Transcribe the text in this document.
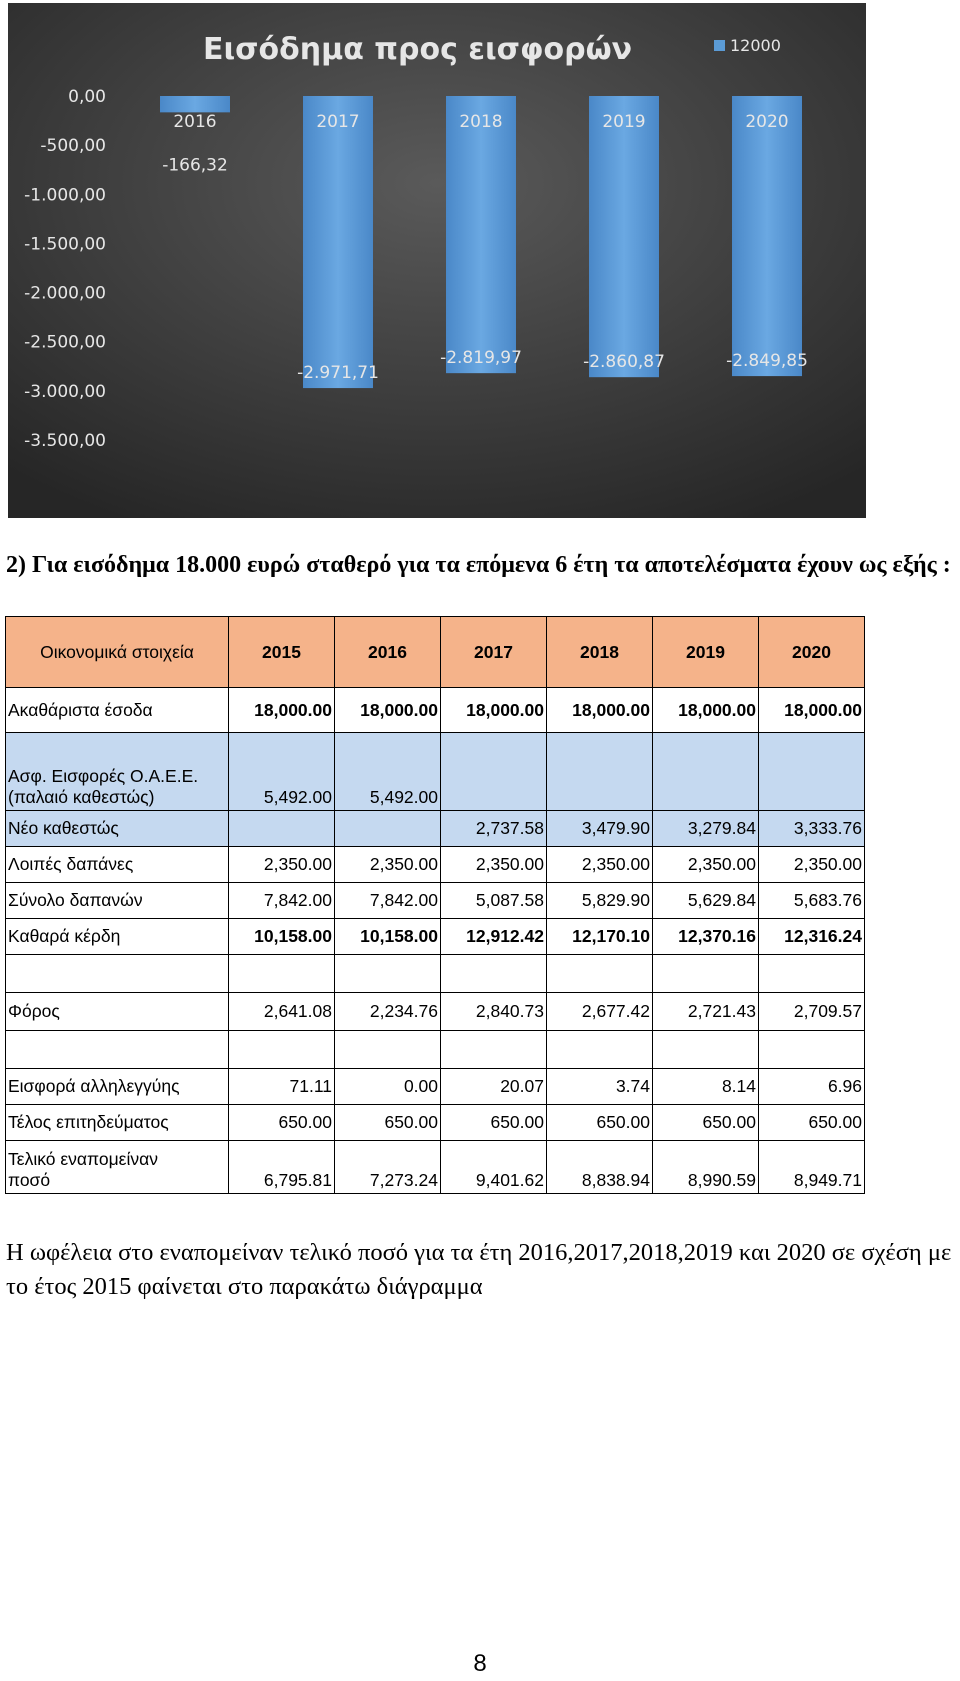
Εισόδημα προς εισφορών	12000
0,00
-500,00
-1.000,00
-1.500,00
-2.000,00
-2.500,00
-3.000,00
-3.500,00
2016
-166,32
2017
-2.971,71
2018
-2.819,97
2019
-2.860,87
2020
-2.849,85

2) Για εισόδημα 18.000 ευρώ σταθερό για τα επόμενα 6 έτη τα αποτελέσματα έχουν ως εξής :

Οικονομικά στοιχεία	2015	2016	2017	2018	2019	2020
Ακαθάριστα έσοδα	18,000.00	18,000.00	18,000.00	18,000.00	18,000.00	18,000.00
Ασφ. Εισφορές Ο.Α.Ε.Ε.
(παλαιό καθεστώς)	5,492.00	5,492.00				
Νέο καθεστώς			2,737.58	3,479.90	3,279.84	3,333.76
Λοιπές δαπάνες	2,350.00	2,350.00	2,350.00	2,350.00	2,350.00	2,350.00
Σύνολο δαπανών	7,842.00	7,842.00	5,087.58	5,829.90	5,629.84	5,683.76
Καθαρά κέρδη	10,158.00	10,158.00	12,912.42	12,170.10	12,370.16	12,316.24

Φόρος	2,641.08	2,234.76	2,840.73	2,677.42	2,721.43	2,709.57

Εισφορά αλληλεγγύης	71.11	0.00	20.07	3.74	8.14	6.96
Τέλος επιτηδεύματος	650.00	650.00	650.00	650.00	650.00	650.00
Τελικό εναπομείναν
ποσό	6,795.81	7,273.24	9,401.62	8,838.94	8,990.59	8,949.71

Η ωφέλεια στο εναπομείναν τελικό ποσό για τα έτη 2016,2017,2018,2019 και 2020 σε σχέση με το έτος 2015 φαίνεται στο παρακάτω διάγραμμα

8
